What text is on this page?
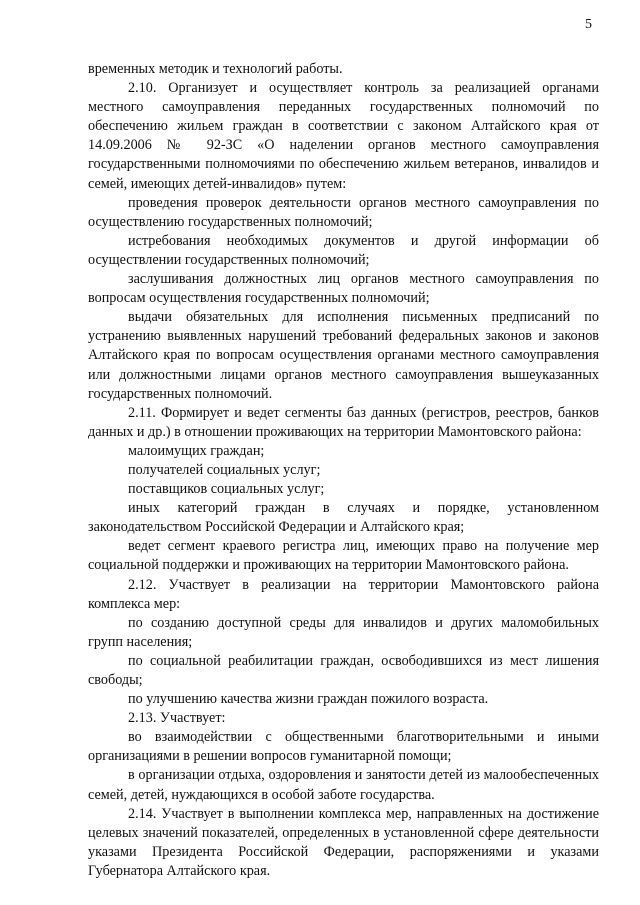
5

временных методик и технологий работы.

2.10. Организует и осуществляет контроль за реализацией органами местного самоуправления переданных государственных полномочий по обеспечению жильем граждан в соответствии с законом Алтайского края от 14.09.2006 № 92-ЗС «О наделении органов местного самоуправления государственными полномочиями по обеспечению жильем ветеранов, инвалидов и семей, имеющих детей-инвалидов» путем:

проведения проверок деятельности органов местного самоуправления по осуществлению государственных полномочий;

истребования необходимых документов и другой информации об осуществлении государственных полномочий;

заслушивания должностных лиц органов местного самоуправления по вопросам осуществления государственных полномочий;

выдачи обязательных для исполнения письменных предписаний по устранению выявленных нарушений требований федеральных законов и законов Алтайского края по вопросам осуществления органами местного самоуправления или должностными лицами органов местного самоуправления вышеуказанных государственных полномочий.

2.11. Формирует и ведет сегменты баз данных (регистров, реестров, банков данных и др.) в отношении проживающих на территории Мамонтовского района:

малоимущих граждан;

получателей социальных услуг;

поставщиков социальных услуг;

иных категорий граждан в случаях и порядке, установленном законодательством Российской Федерации и Алтайского края;

ведет сегмент краевого регистра лиц, имеющих право на получение мер социальной поддержки и проживающих на территории Мамонтовского района.

2.12. Участвует в реализации на территории Мамонтовского района комплекса мер:

по созданию доступной среды для инвалидов и других маломобильных групп населения;

по социальной реабилитации граждан, освободившихся из мест лишения свободы;

по улучшению качества жизни граждан пожилого возраста.

2.13. Участвует:

во взаимодействии с общественными благотворительными и иными организациями в решении вопросов гуманитарной помощи;

в организации отдыха, оздоровления и занятости детей из малообеспеченных семей, детей, нуждающихся в особой заботе государства.

2.14. Участвует в выполнении комплекса мер, направленных на достижение целевых значений показателей, определенных в установленной сфере деятельности указами Президента Российской Федерации, распоряжениями и указами Губернатора Алтайского края.
